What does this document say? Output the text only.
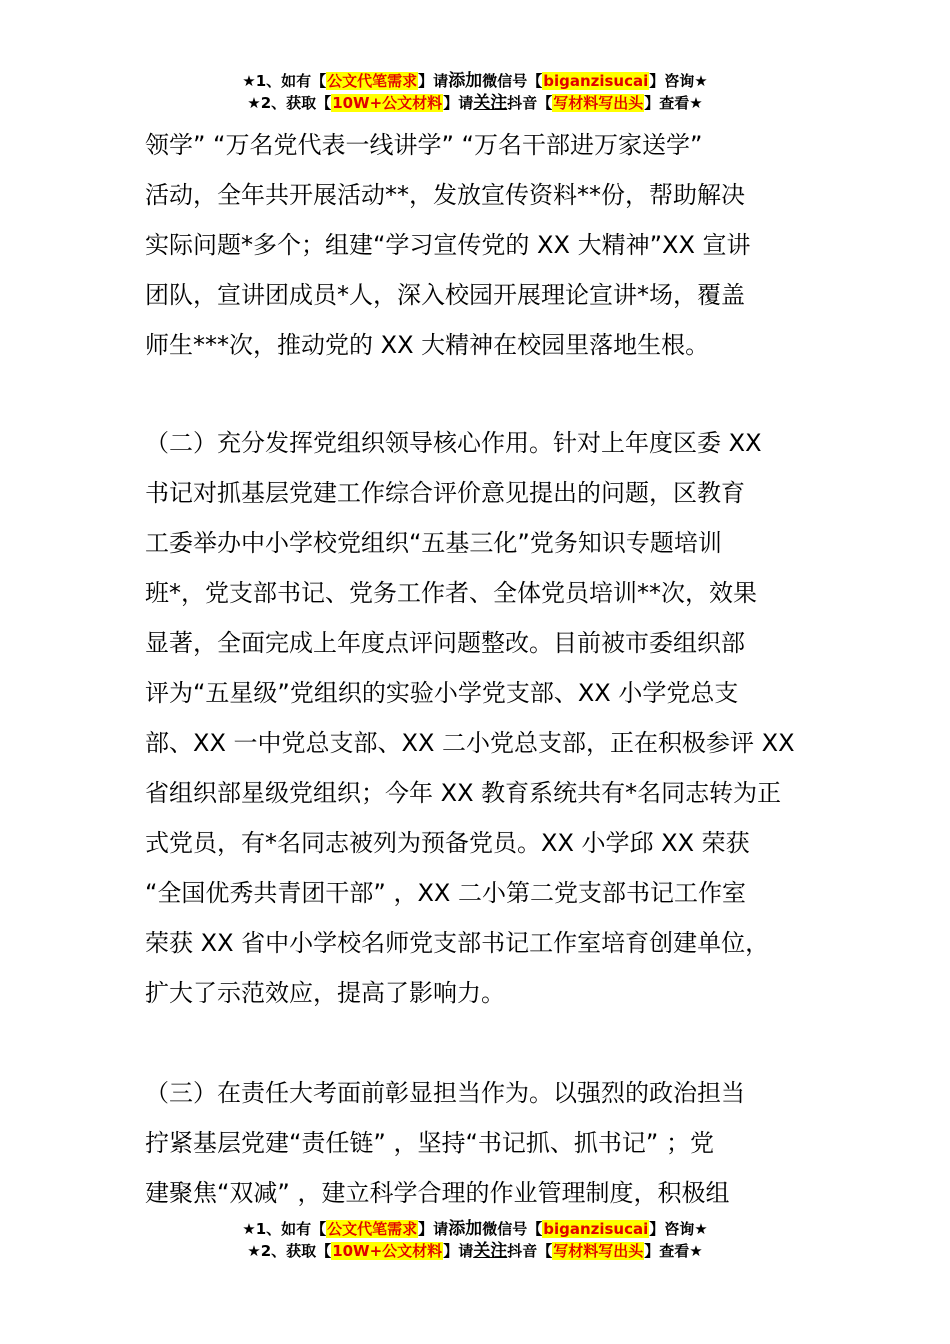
★1、如有【公文代笔需求】请添加微信号【biganzisucai】咨询★
★2、获取【10W+公文材料】请关注抖音【写材料写出头】查看★
领学” “万名党代表一线讲学” “万名干部进万家送学”
活动，全年共开展活动**，发放宣传资料**份，帮助解决
实际问题*多个；组建“学习宣传党的 XX 大精神”XX 宣讲
团队，宣讲团成员*人，深入校园开展理论宣讲*场，覆盖
师生***次，推动党的 XX 大精神在校园里落地生根。
（二）充分发挥党组织领导核心作用。针对上年度区委 XX
书记对抓基层党建工作综合评价意见提出的问题，区教育
工委举办中小学校党组织“五基三化”党务知识专题培训
班*，党支部书记、党务工作者、全体党员培训**次，效果
显著，全面完成上年度点评问题整改。目前被市委组织部
评为“五星级”党组织的实验小学党支部、XX 小学党总支
部、XX 一中党总支部、XX 二小党总支部，正在积极参评 XX
省组织部星级党组织；今年 XX 教育系统共有*名同志转为正
式党员，有*名同志被列为预备党员。XX 小学邱 XX 荣获
“全国优秀共青团干部” ，XX 二小第二党支部书记工作室
荣获 XX 省中小学校名师党支部书记工作室培育创建单位，
扩大了示范效应，提高了影响力。
（三）在责任大考面前彰显担当作为。以强烈的政治担当
拧紧基层党建“责任链” ，坚持“书记抓、抓书记” ；党
建聚焦“双减” ，建立科学合理的作业管理制度，积极组
★1、如有【公文代笔需求】请添加微信号【biganzisucai】咨询★
★2、获取【10W+公文材料】请关注抖音【写材料写出头】查看★
